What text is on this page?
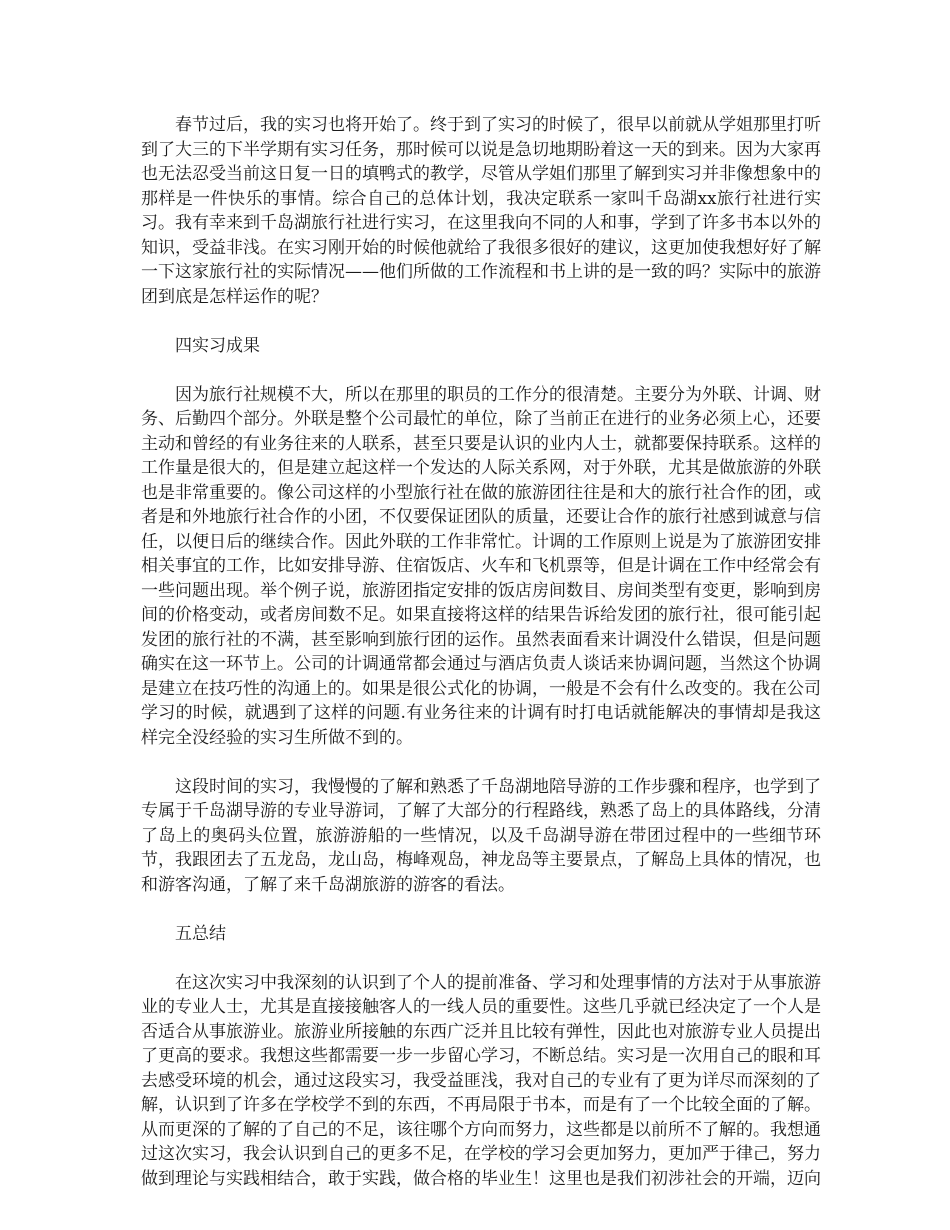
春节过后，我的实习也将开始了。终于到了实习的时候了，很早以前就从学姐那里打听到了大三的下半学期有实习任务，那时候可以说是急切地期盼着这一天的到来。因为大家再也无法忍受当前这日复一日的填鸭式的教学，尽管从学姐们那里了解到实习并非像想象中的那样是一件快乐的事情。综合自己的总体计划，我决定联系一家叫千岛湖xx旅行社进行实习。我有幸来到千岛湖旅行社进行实习，在这里我向不同的人和事，学到了许多书本以外的知识，受益非浅。在实习刚开始的时候他就给了我很多很好的建议，这更加使我想好好了解一下这家旅行社的实际情况——他们所做的工作流程和书上讲的是一致的吗？实际中的旅游团到底是怎样运作的呢？

四实习成果

因为旅行社规模不大，所以在那里的职员的工作分的很清楚。主要分为外联、计调、财务、后勤四个部分。外联是整个公司最忙的单位，除了当前正在进行的业务必须上心，还要主动和曾经的有业务往来的人联系，甚至只要是认识的业内人士，就都要保持联系。这样的工作量是很大的，但是建立起这样一个发达的人际关系网，对于外联，尤其是做旅游的外联也是非常重要的。像公司这样的小型旅行社在做的旅游团往往是和大的旅行社合作的团，或者是和外地旅行社合作的小团，不仅要保证团队的质量，还要让合作的旅行社感到诚意与信任，以便日后的继续合作。因此外联的工作非常忙。计调的工作原则上说是为了旅游团安排相关事宜的工作，比如安排导游、住宿饭店、火车和飞机票等，但是计调在工作中经常会有一些问题出现。举个例子说，旅游团指定安排的饭店房间数目、房间类型有变更，影响到房间的价格变动，或者房间数不足。如果直接将这样的结果告诉给发团的旅行社，很可能引起发团的旅行社的不满，甚至影响到旅行团的运作。虽然表面看来计调没什么错误，但是问题确实在这一环节上。公司的计调通常都会通过与酒店负责人谈话来协调问题，当然这个协调是建立在技巧性的沟通上的。如果是很公式化的协调，一般是不会有什么改变的。我在公司学习的时候，就遇到了这样的问题.有业务往来的计调有时打电话就能解决的事情却是我这样完全没经验的实习生所做不到的。

这段时间的实习，我慢慢的了解和熟悉了千岛湖地陪导游的工作步骤和程序，也学到了专属于千岛湖导游的专业导游词，了解了大部分的行程路线，熟悉了岛上的具体路线，分清了岛上的奥码头位置，旅游游船的一些情况，以及千岛湖导游在带团过程中的一些细节环节，我跟团去了五龙岛，龙山岛，梅峰观岛，神龙岛等主要景点，了解岛上具体的情况，也和游客沟通，了解了来千岛湖旅游的游客的看法。

五总结

在这次实习中我深刻的认识到了个人的提前准备、学习和处理事情的方法对于从事旅游业的专业人士，尤其是直接接触客人的一线人员的重要性。这些几乎就已经决定了一个人是否适合从事旅游业。旅游业所接触的东西广泛并且比较有弹性，因此也对旅游专业人员提出了更高的要求。我想这些都需要一步一步留心学习，不断总结。实习是一次用自己的眼和耳去感受环境的机会，通过这段实习，我受益匪浅，我对自己的专业有了更为详尽而深刻的了解，认识到了许多在学校学不到的东西，不再局限于书本，而是有了一个比较全面的了解。从而更深的了解的了自己的不足，该往哪个方向而努力，这些都是以前所不了解的。我想通过这次实习，我会认识到自己的更多不足，在学校的学习会更加努力，更加严于律己，努力做到理论与实践相结合，敢于实践，做合格的毕业生！这里也是我们初涉社会的开端，迈向
